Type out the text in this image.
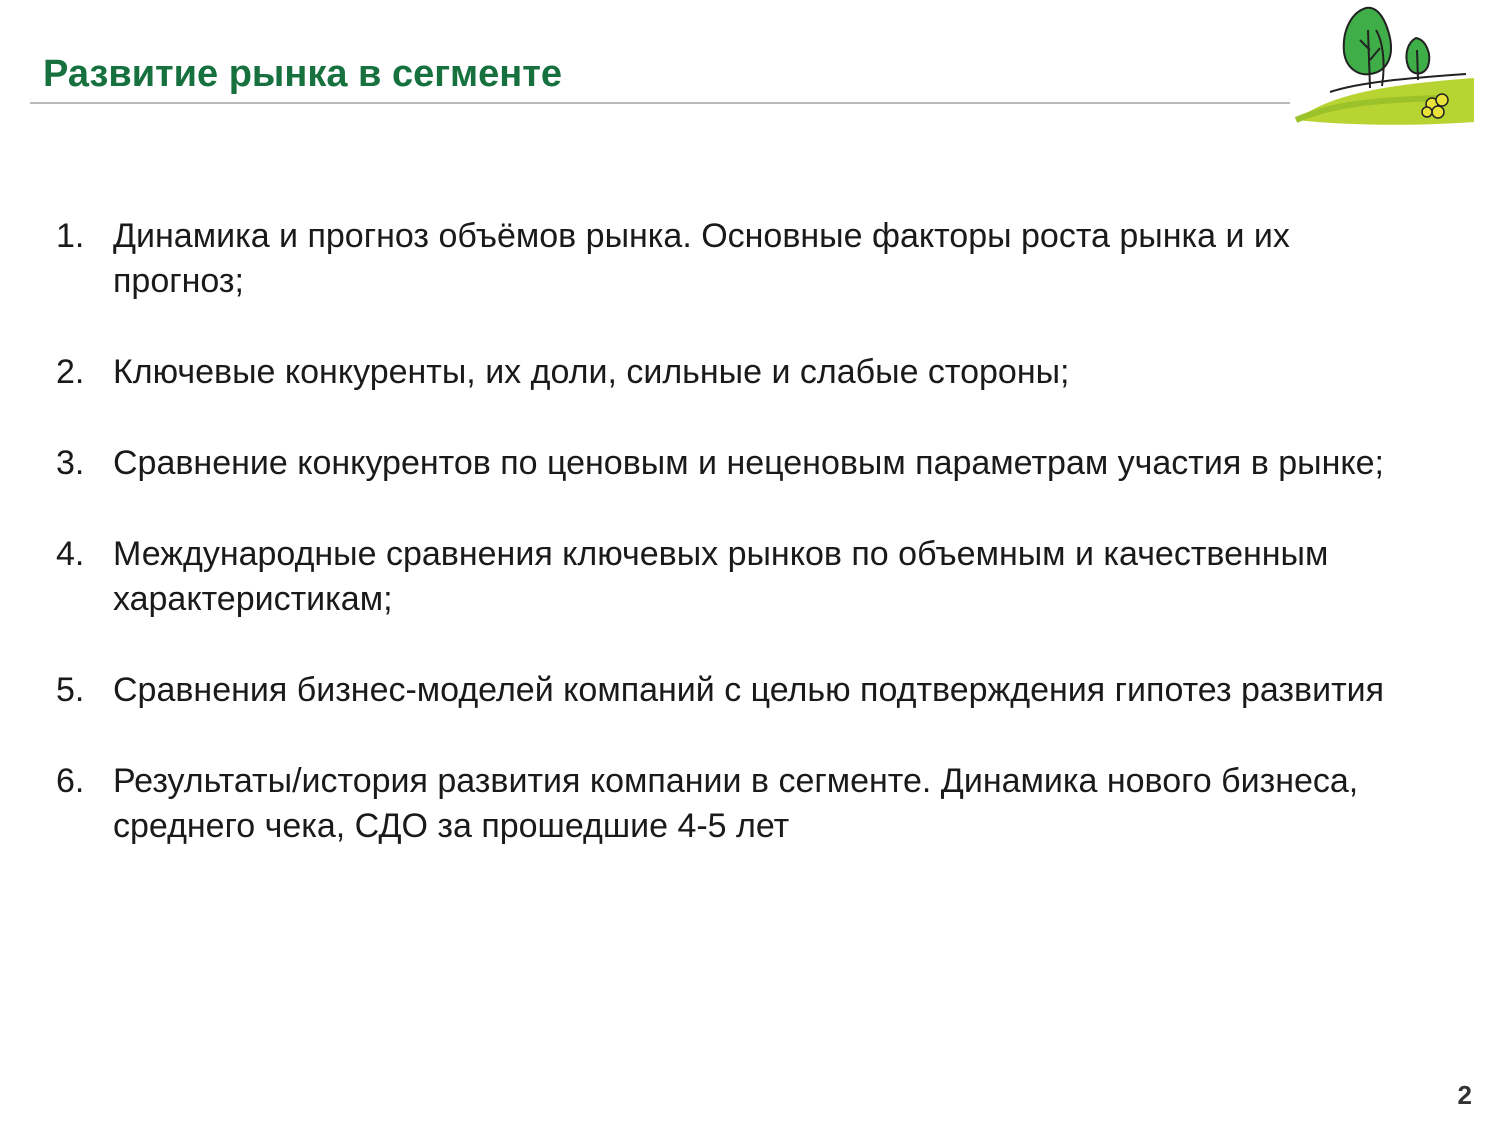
Развитие рынка в сегменте
1. Динамика и прогноз объёмов рынка. Основные факторы роста рынка и их прогноз;
2. Ключевые конкуренты, их доли, сильные и слабые стороны;
3. Сравнение конкурентов по ценовым и неценовым параметрам участия в рынке;
4. Международные сравнения ключевых рынков по объемным и качественным характеристикам;
5. Сравнения бизнес-моделей компаний с целью подтверждения гипотез развития
6. Результаты/история развития компании в сегменте. Динамика нового бизнеса, среднего чека, СДО за прошедшие 4-5 лет
2
